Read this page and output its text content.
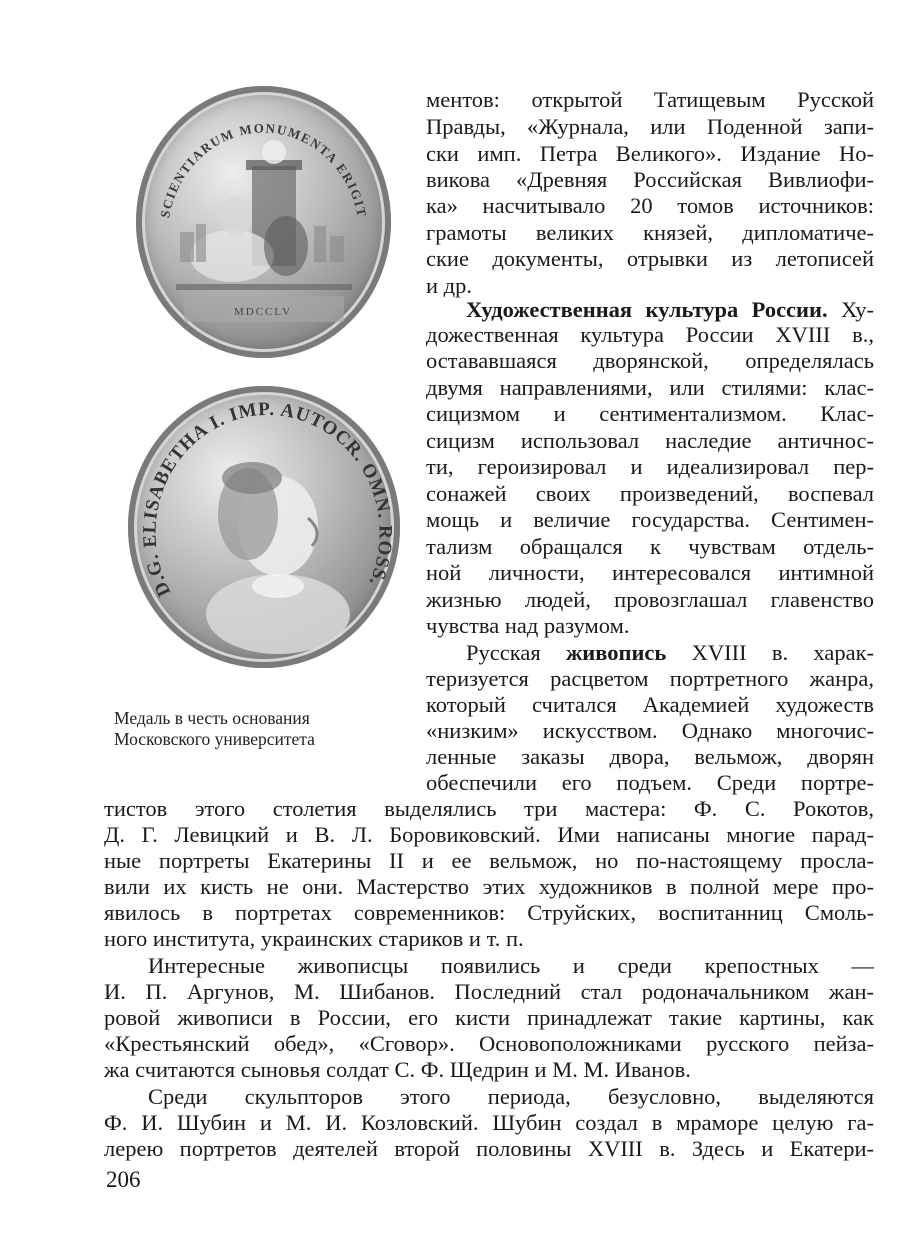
SCIENTIARUM MONUMENTA ERIGIT
MDCCLV
D.G. ELISABETHA I. IMP. AUTOCR. OMN. ROSS.
Медаль в честь основания
Московского университета
ментов: открытой Татищевым Русской
Правды, «Журнала, или Поденной запи-
ски имп. Петра Великого». Издание Но-
викова «Древняя Российская Вивлиофи-
ка» насчитывало 20 томов источников:
грамоты великих князей, дипломатиче-
ские документы, отрывки из летописей
и др.
Художественная культура России. Ху-
дожественная культура России XVIII в.,
остававшаяся дворянской, определялась
двумя направлениями, или стилями: клас-
сицизмом и сентиментализмом. Клас-
сицизм использовал наследие античнос-
ти, героизировал и идеализировал пер-
сонажей своих произведений, воспевал
мощь и величие государства. Сентимен-
тализм обращался к чувствам отдель-
ной личности, интересовался интимной
жизнью людей, провозглашал главенство
чувства над разумом.
Русская живопись XVIII в. харак-
теризуется расцветом портретного жанра,
который считался Академией художеств
«низким» искусством. Однако многочис-
ленные заказы двора, вельмож, дворян
обеспечили его подъем. Среди портре-
тистов этого столетия выделялись три мастера: Ф. С. Рокотов,
Д. Г. Левицкий и В. Л. Боровиковский. Ими написаны многие парад-
ные портреты Екатерины II и ее вельмож, но по-настоящему просла-
вили их кисть не они. Мастерство этих художников в полной мере про-
явилось в портретах современников: Струйских, воспитанниц Смоль-
ного института, украинских стариков и т. п.
Интересные живописцы появились и среди крепостных —
И. П. Аргунов, М. Шибанов. Последний стал родоначальником жан-
ровой живописи в России, его кисти принадлежат такие картины, как
«Крестьянский обед», «Сговор». Основоположниками русского пейза-
жа считаются сыновья солдат С. Ф. Щедрин и М. М. Иванов.
Среди скульпторов этого периода, безусловно, выделяются
Ф. И. Шубин и М. И. Козловский. Шубин создал в мраморе целую га-
лерею портретов деятелей второй половины XVIII в. Здесь и Екатери-
206
